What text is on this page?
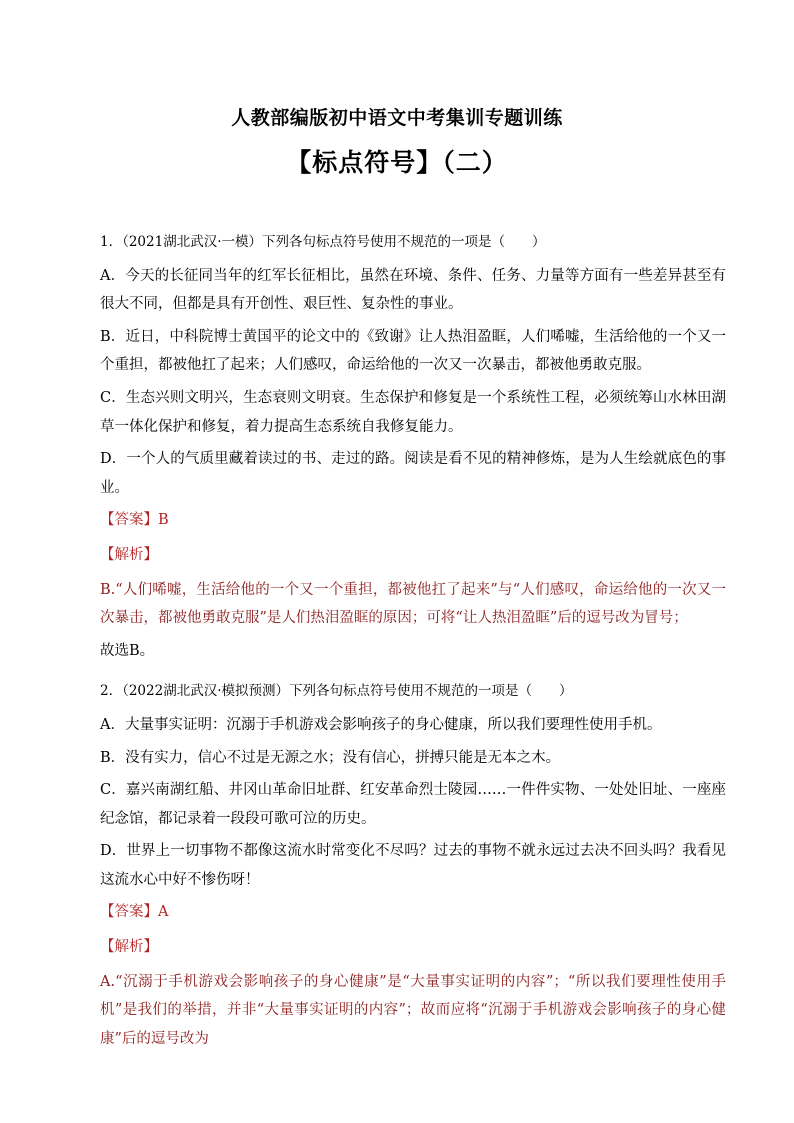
人教部编版初中语文中考集训专题训练
【标点符号】（二）

1．（2021湖北武汉·一模）下列各句标点符号使用不规范的一项是（　　）

A．今天的长征同当年的红军长征相比，虽然在环境、条件、任务、力量等方面有一些差异甚至有很大不同，但都是具有开创性、艰巨性、复杂性的事业。

B．近日，中科院博士黄国平的论文中的《致谢》让人热泪盈眶，人们唏嘘，生活给他的一个又一个重担，都被他扛了起来；人们感叹，命运给他的一次又一次暴击，都被他勇敢克服。

C．生态兴则文明兴，生态衰则文明衰。生态保护和修复是一个系统性工程，必须统筹山水林田湖草一体化保护和修复，着力提高生态系统自我修复能力。

D．一个人的气质里藏着读过的书、走过的路。阅读是看不见的精神修炼，是为人生绘就底色的事业。

【答案】B

【解析】

B.“人们唏嘘，生活给他的一个又一个重担，都被他扛了起来”与“人们感叹，命运给他的一次又一次暴击，都被他勇敢克服”是人们热泪盈眶的原因；可将“让人热泪盈眶”后的逗号改为冒号；

故选B。

2．（2022湖北武汉·模拟预测）下列各句标点符号使用不规范的一项是（　　）

A．大量事实证明：沉溺于手机游戏会影响孩子的身心健康，所以我们要理性使用手机。

B．没有实力，信心不过是无源之水；没有信心，拼搏只能是无本之木。

C．嘉兴南湖红船、井冈山革命旧址群、红安革命烈士陵园……一件件实物、一处处旧址、一座座纪念馆，都记录着一段段可歌可泣的历史。

D．世界上一切事物不都像这流水时常变化不尽吗？过去的事物不就永远过去决不回头吗？我看见这流水心中好不惨伤呀！

【答案】A

【解析】

A.“沉溺于手机游戏会影响孩子的身心健康”是“大量事实证明的内容”；“所以我们要理性使用手机”是我们的举措，并非“大量事实证明的内容”；故而应将“沉溺于手机游戏会影响孩子的身心健康”后的逗号改为
